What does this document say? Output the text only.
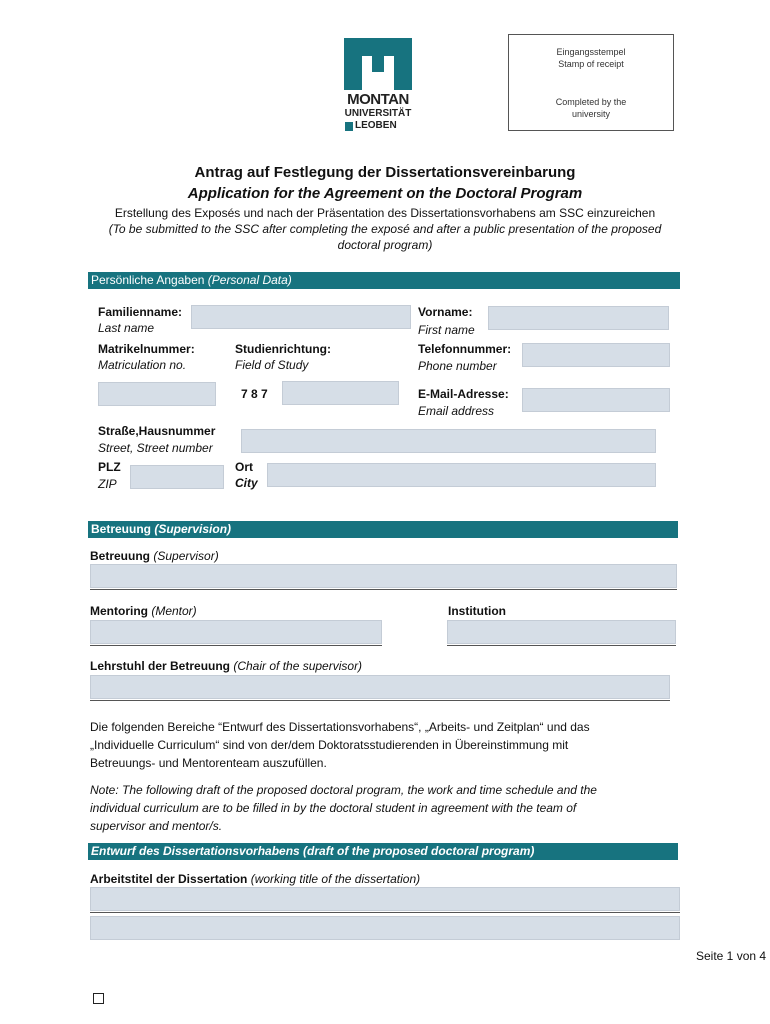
MONTAN
UNIVERSITÄT
LEOBEN
Eingangsstempel
Stamp of receipt
Completed by the
university
Antrag auf Festlegung der Dissertationsvereinbarung
Application for the Agreement on the Doctoral Program
Erstellung des Exposés und nach der Präsentation des Dissertationsvorhabens am SSC einzureichen
(To be submitted to the SSC after completing the exposé and after a public presentation of the proposed
doctoral program)
Persönliche Angaben (Personal Data)
Familienname:
Last name
Vorname:
First name
Matrikelnummer:
Matriculation no.
Studienrichtung:
Field of Study
7 8 7
Telefonnummer:
Phone number
E-Mail-Adresse:
Email address
Straße,Hausnummer
Street, Street number
PLZ
ZIP
Ort
City
Betreuung (Supervision)
Betreuung (Supervisor)
Mentoring (Mentor)	Institution
Lehrstuhl der Betreuung (Chair of the supervisor)
Die folgenden Bereiche “Entwurf des Dissertationsvorhabens“, „Arbeits- und Zeitplan“ und das
„Individuelle Curriculum“ sind von der/dem Doktoratsstudierenden in Übereinstimmung mit
Betreuungs- und Mentorenteam auszufüllen.
Note: The following draft of the proposed doctoral program, the work and time schedule and the
individual curriculum are to be filled in by the doctoral student in agreement with the team of
supervisor and mentor/s.
Entwurf des Dissertationsvorhabens (draft of the proposed doctoral program)
Arbeitstitel der Dissertation (working title of the dissertation)
Seite 1 von 4
